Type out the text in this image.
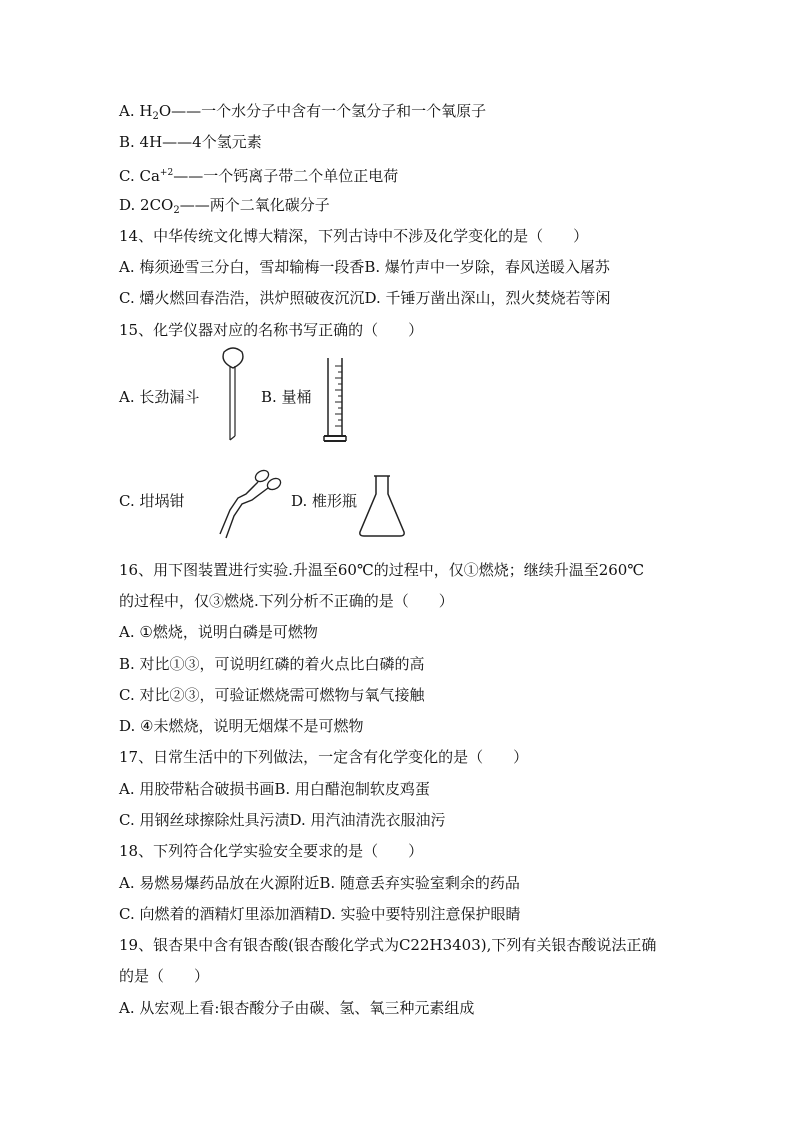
A. $H_2O——$一个水分子中含有一个氢分子和一个氧原子
B. 4H——4个氢元素
C. $Ca^{+2}——$一个钙离子带二个单位正电荷
D. $2CO_2——$两个二氧化碳分子
14、中华传统文化博大精深，下列古诗中不涉及化学变化的是（　　）
A. 梅须逊雪三分白，雪却输梅一段香B. 爆竹声中一岁除，春风送暖入屠苏
C. 爝火燃回春浩浩，洪炉照破夜沉沉D. 千锤万凿出深山，烈火焚烧若等闲
15、化学仪器对应的名称书写正确的（　　）
A. 长劲漏斗	B. 量桶
C. 坩埚钳	D. 椎形瓶
16、用下图装置进行实验.升温至60℃的过程中，仅①燃烧；继续升温至260℃
的过程中，仅③燃烧.下列分析不正确的是（　　）
A. ①燃烧，说明白磷是可燃物
B. 对比①③，可说明红磷的着火点比白磷的高
C. 对比②③，可验证燃烧需可燃物与氧气接触
D. ④未燃烧，说明无烟煤不是可燃物
17、日常生活中的下列做法，一定含有化学变化的是（　　）
A. 用胶带粘合破损书画B. 用白醋泡制软皮鸡蛋
C. 用钢丝球擦除灶具污渍D. 用汽油清洗衣服油污
18、下列符合化学实验安全要求的是（　　）
A. 易燃易爆药品放在火源附近B. 随意丢弃实验室剩余的药品
C. 向燃着的酒精灯里添加酒精D. 实验中要特别注意保护眼睛
19、银杏果中含有银杏酸(银杏酸化学式为C22H3403),下列有关银杏酸说法正确
的是（　　）
A. 从宏观上看:银杏酸分子由碳、氢、氧三种元素组成
